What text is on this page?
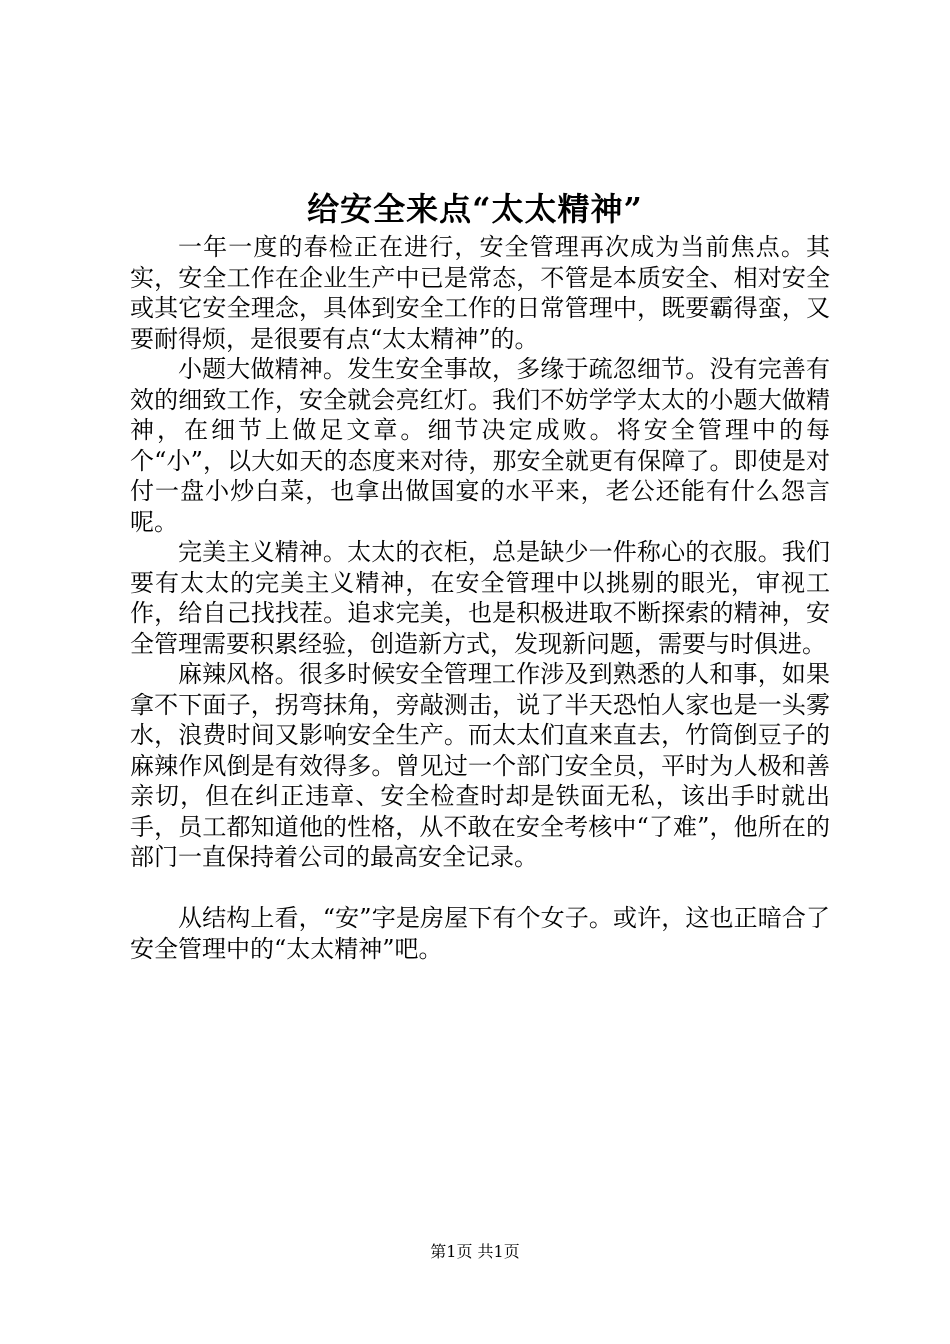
给安全来点“太太精神”

一年一度的春检正在进行，安全管理再次成为当前焦点。其实，安全工作在企业生产中已是常态，不管是本质安全、相对安全或其它安全理念，具体到安全工作的日常管理中，既要霸得蛮，又要耐得烦，是很要有点“太太精神”的。

小题大做精神。发生安全事故，多缘于疏忽细节。没有完善有效的细致工作，安全就会亮红灯。我们不妨学学太太的小题大做精神，在细节上做足文章。细节决定成败。将安全管理中的每个“小”，以大如天的态度来对待，那安全就更有保障了。即使是对付一盘小炒白菜，也拿出做国宴的水平来，老公还能有什么怨言呢。

完美主义精神。太太的衣柜，总是缺少一件称心的衣服。我们要有太太的完美主义精神，在安全管理中以挑剔的眼光，审视工作，给自己找找茬。追求完美，也是积极进取不断探索的精神，安全管理需要积累经验，创造新方式，发现新问题，需要与时俱进。

麻辣风格。很多时候安全管理工作涉及到熟悉的人和事，如果拿不下面子，拐弯抹角，旁敲测击，说了半天恐怕人家也是一头雾水，浪费时间又影响安全生产。而太太们直来直去，竹筒倒豆子的麻辣作风倒是有效得多。曾见过一个部门安全员，平时为人极和善亲切，但在纠正违章、安全检查时却是铁面无私，该出手时就出手，员工都知道他的性格，从不敢在安全考核中“了难”，他所在的部门一直保持着公司的最高安全记录。

从结构上看，“安”字是房屋下有个女子。或许，这也正暗合了安全管理中的“太太精神”吧。

第1页 共1页
